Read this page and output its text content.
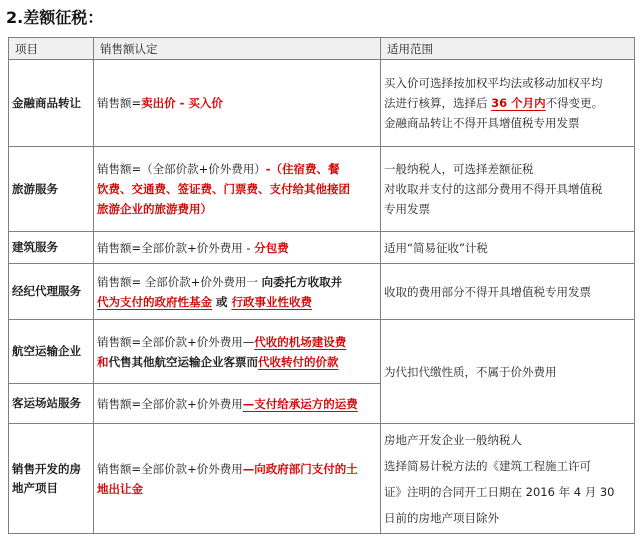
2.差额征税：
项目	销售额认定	适用范围
金融商品转让	销售额=卖出价 - 买入价	买入价可选择按加权平均法或移动加权平均
法进行核算，选择后 36 个月内不得变更。
金融商品转让不得开具增值税专用发票

旅游服务	销售额=（全部价款+价外费用）-（住宿费、餐
饮费、交通费、签证费、门票费、支付给其他接团
旅游企业的旅游费用）	一般纳税人，可选择差额征税
对收取并支付的这部分费用不得开具增值税
专用发票

建筑服务	销售额=全部价款+价外费用 - 分包费	适用“简易征收”计税
经纪代理服务	销售额= 全部价款+价外费用一 向委托方收取并
代为支付的政府性基金 或 行政事业性收费	收取的费用部分不得开具增值税专用发票
航空运输企业	销售额=全部价款+价外费用—代收的机场建设费
和代售其他航空运输企业客票而代收转付的价款	为代扣代缴性质，不属于价外费用
客运场站服务	销售额=全部价款+价外费用—支付给承运方的运费	

销售开发的房
地产项目	销售额=全部价款+价外费用—向政府部门支付的土
地出让金	房地产开发企业一般纳税人
选择简易计税方法的《建筑工程施工许可
证》注明的合同开工日期在 2016 年 4 月 30
日前的房地产项目除外
